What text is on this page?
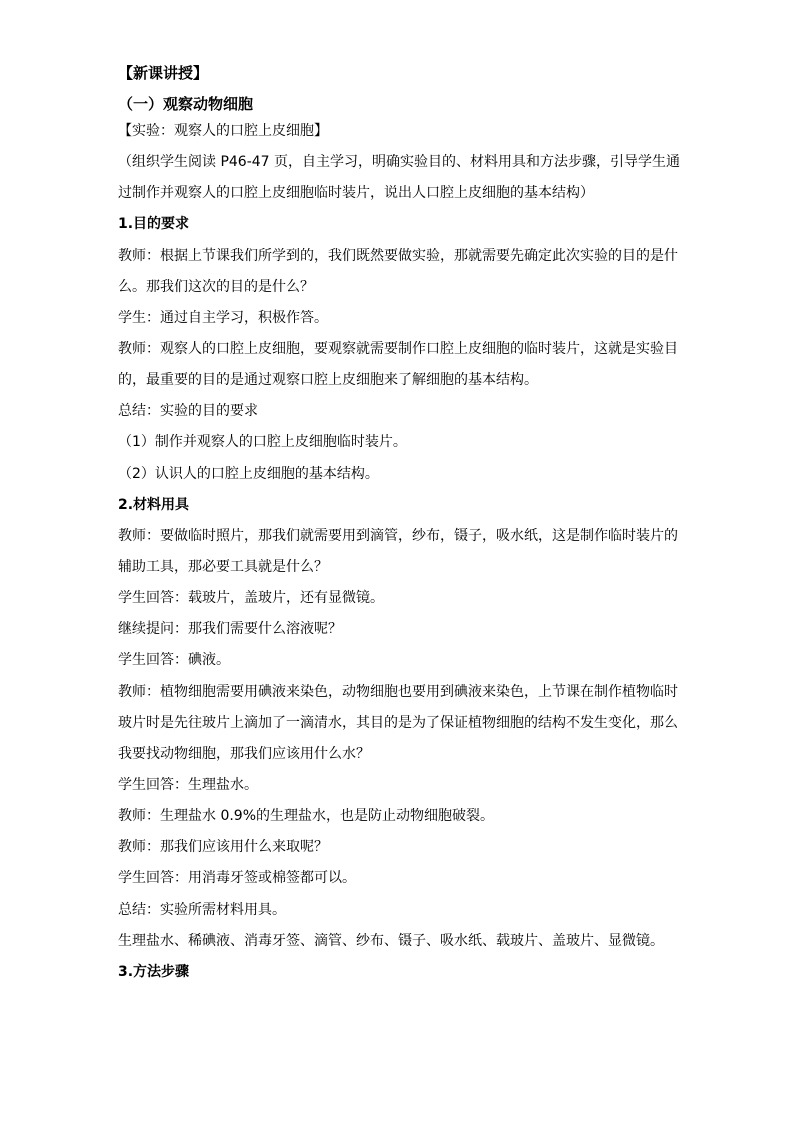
【新课讲授】

（一）观察动物细胞

【实验：观察人的口腔上皮细胞】

（组织学生阅读 P46-47 页，自主学习，明确实验目的、材料用具和方法步骤，引导学生通

过制作并观察人的口腔上皮细胞临时装片，说出人口腔上皮细胞的基本结构）

1.目的要求

教师：根据上节课我们所学到的，我们既然要做实验，那就需要先确定此次实验的目的是什

么。那我们这次的目的是什么？

学生：通过自主学习，积极作答。

教师：观察人的口腔上皮细胞，要观察就需要制作口腔上皮细胞的临时装片，这就是实验目

的，最重要的目的是通过观察口腔上皮细胞来了解细胞的基本结构。

总结：实验的目的要求

（1）制作并观察人的口腔上皮细胞临时装片。

（2）认识人的口腔上皮细胞的基本结构。

2.材料用具

教师：要做临时照片，那我们就需要用到滴管，纱布，镊子，吸水纸，这是制作临时装片的

辅助工具，那必要工具就是什么？

学生回答：载玻片，盖玻片，还有显微镜。

继续提问：那我们需要什么溶液呢？

学生回答：碘液。

教师：植物细胞需要用碘液来染色，动物细胞也要用到碘液来染色，上节课在制作植物临时

玻片时是先往玻片上滴加了一滴清水，其目的是为了保证植物细胞的结构不发生变化，那么

我要找动物细胞，那我们应该用什么水？

学生回答：生理盐水。

教师：生理盐水 0.9%的生理盐水，也是防止动物细胞破裂。

教师：那我们应该用什么来取呢？

学生回答：用消毒牙签或棉签都可以。

总结：实验所需材料用具。

生理盐水、稀碘液、消毒牙签、滴管、纱布、镊子、吸水纸、载玻片、盖玻片、显微镜。

3.方法步骤
